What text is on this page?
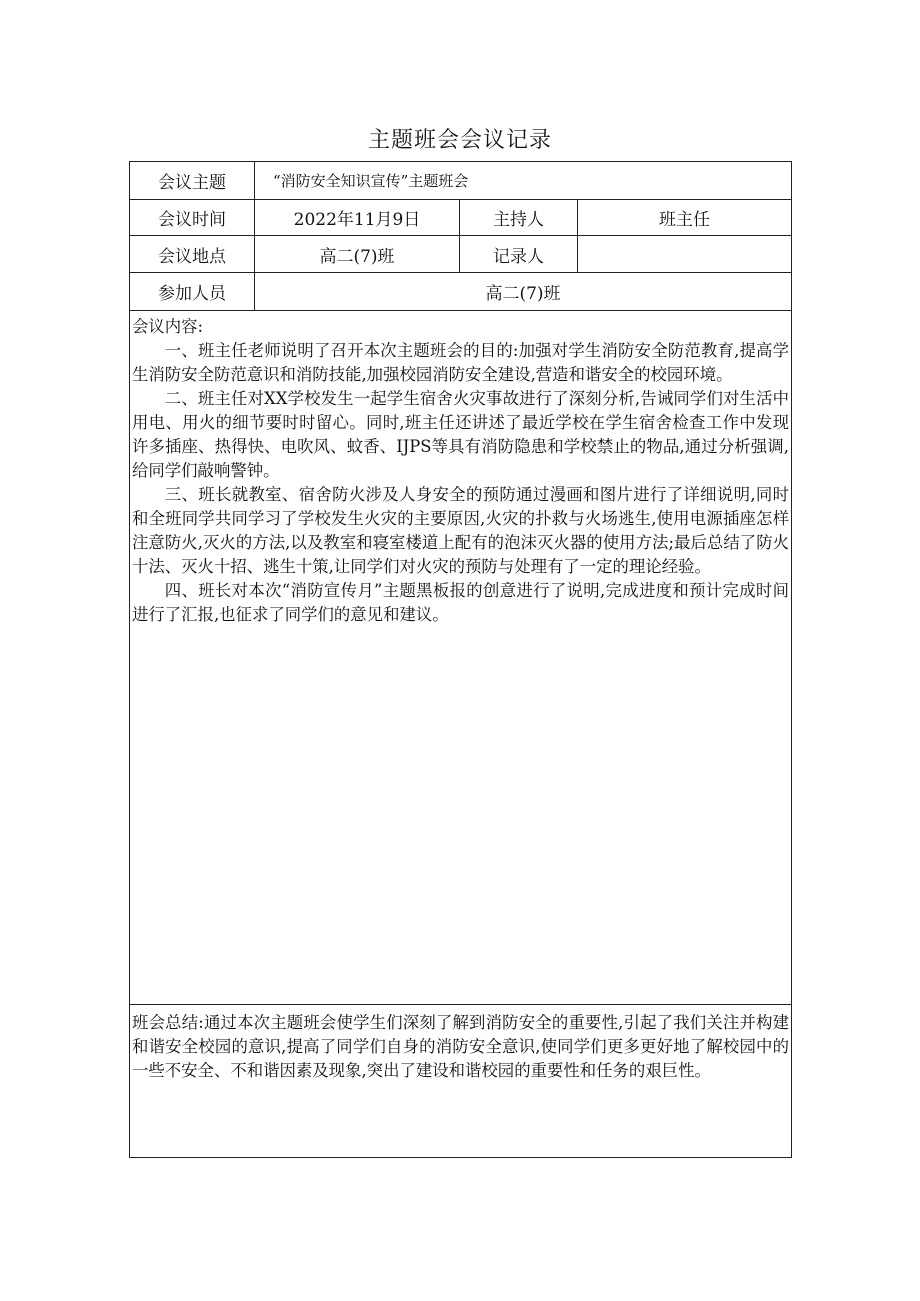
主题班会会议记录
会议主题	“消防安全知识宣传”主题班会		
会议时间	2022年11月9日	主持人	班主任
会议地点	高二(7)班	记录人	
参加人员	高二(7)班		

会议内容:

一、班主任老师说明了召开本次主题班会的目的:加强对学生消防安全防范教育,提高学生消防安全防范意识和消防技能,加强校园消防安全建设,营造和谐安全的校园环境。

二、班主任对XX学校发生一起学生宿舍火灾事故进行了深刻分析,告诫同学们对生活中用电、用火的细节要时时留心。同时,班主任还讲述了最近学校在学生宿舍检查工作中发现许多插座、热得快、电吹风、蚊香、IJPS等具有消防隐患和学校禁止的物品,通过分析强调,给同学们敲响警钟。

三、班长就教室、宿舍防火涉及人身安全的预防通过漫画和图片进行了详细说明,同时和全班同学共同学习了学校发生火灾的主要原因,火灾的扑救与火场逃生,使用电源插座怎样注意防火,灭火的方法,以及教室和寝室楼道上配有的泡沫灭火器的使用方法;最后总结了防火十法、灭火十招、逃生十策,让同学们对火灾的预防与处理有了一定的理论经验。

四、班长对本次“消防宣传月”主题黑板报的创意进行了说明,完成进度和预计完成时间进行了汇报,也征求了同学们的意见和建议。			

班会总结:通过本次主题班会使学生们深刻了解到消防安全的重要性,引起了我们关注并构建和谐安全校园的意识,提高了同学们自身的消防安全意识,使同学们更多更好地了解校园中的一些不安全、不和谐因素及现象,突出了建设和谐校园的重要性和任务的艰巨性。			
